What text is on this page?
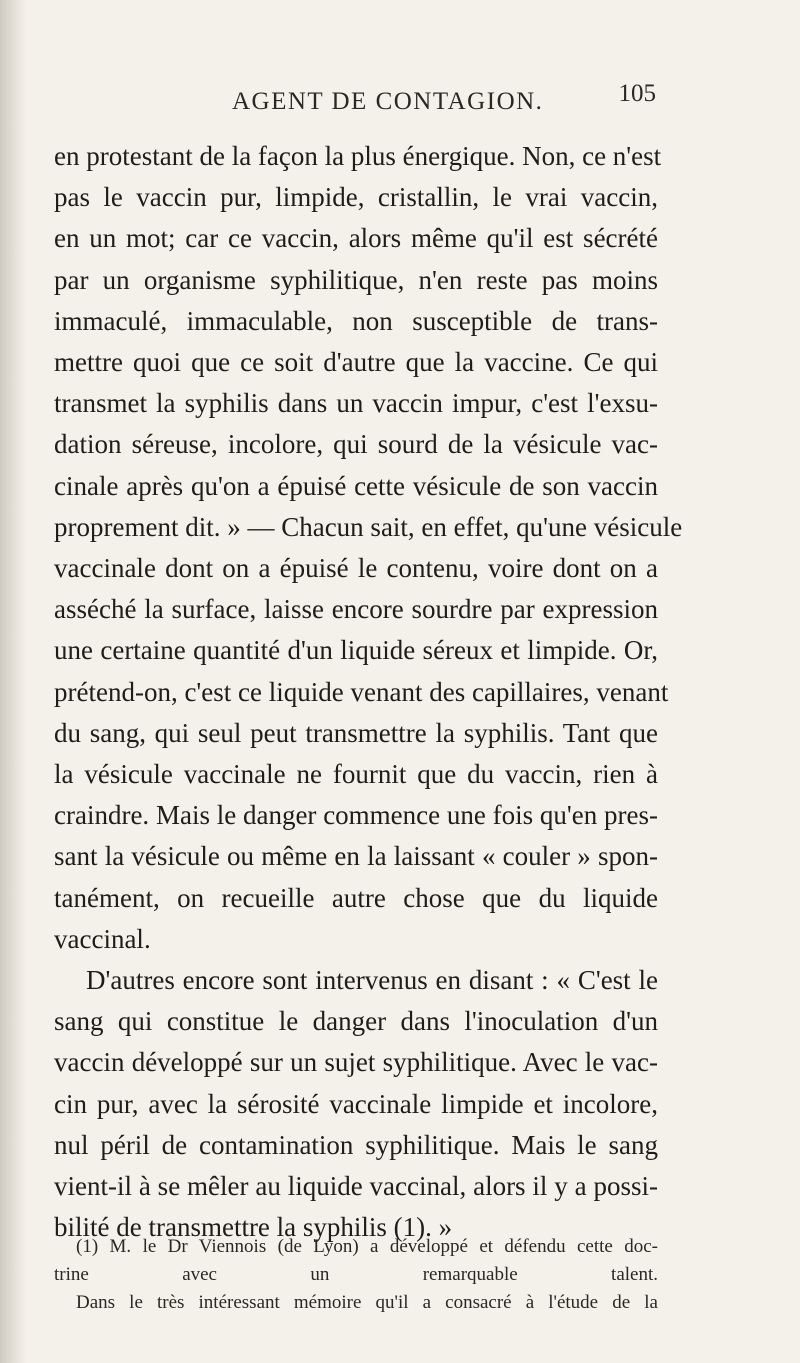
AGENT DE CONTAGION.	105
en protestant de la façon la plus énergique. Non, ce n'est
pas le vaccin pur, limpide, cristallin, le vrai vaccin,
en un mot; car ce vaccin, alors même qu'il est sécrété
par un organisme syphilitique, n'en reste pas moins
immaculé, immaculable, non susceptible de trans-
mettre quoi que ce soit d'autre que la vaccine. Ce qui
transmet la syphilis dans un vaccin impur, c'est l'exsu-
dation séreuse, incolore, qui sourd de la vésicule vac-
cinale après qu'on a épuisé cette vésicule de son vaccin
proprement dit. » — Chacun sait, en effet, qu'une vésicule
vaccinale dont on a épuisé le contenu, voire dont on a
asséché la surface, laisse encore sourdre par expression
une certaine quantité d'un liquide séreux et limpide. Or,
prétend-on, c'est ce liquide venant des capillaires, venant
du sang, qui seul peut transmettre la syphilis. Tant que
la vésicule vaccinale ne fournit que du vaccin, rien à
craindre. Mais le danger commence une fois qu'en pres-
sant la vésicule ou même en la laissant « couler » spon-
tanément, on recueille autre chose que du liquide
vaccinal.
D'autres encore sont intervenus en disant : « C'est le
sang qui constitue le danger dans l'inoculation d'un
vaccin développé sur un sujet syphilitique. Avec le vac-
cin pur, avec la sérosité vaccinale limpide et incolore,
nul péril de contamination syphilitique. Mais le sang
vient-il à se mêler au liquide vaccinal, alors il y a possi-
bilité de transmettre la syphilis (1). »
(1) M. le Dr Viennois (de Lyon) a développé et défendu cette doc-
trine avec un remarquable talent.
Dans le très intéressant mémoire qu'il a consacré à l'étude de la
